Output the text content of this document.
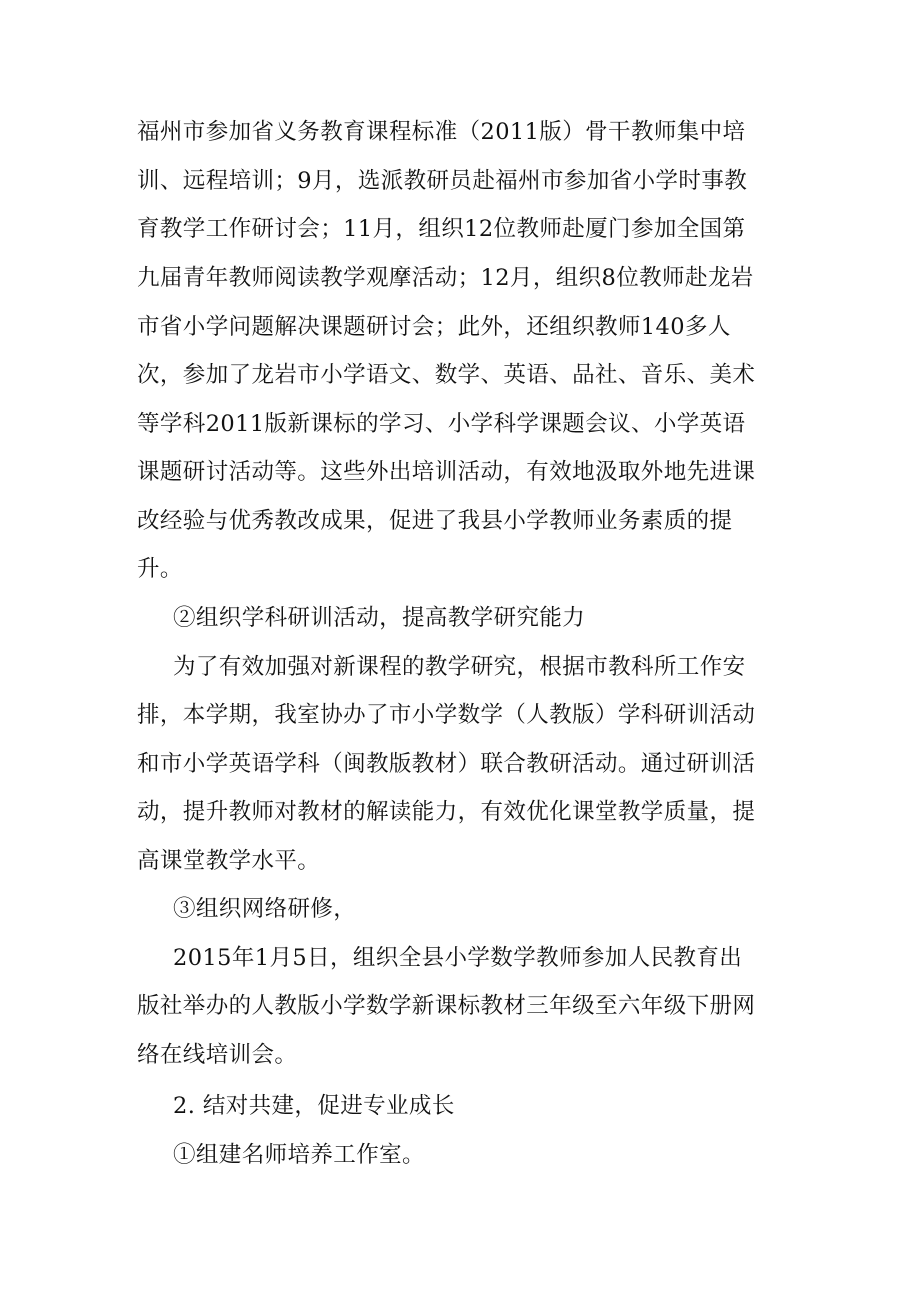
福州市参加省义务教育课程标准（2011版）骨干教师集中培
训、远程培训；9月，选派教研员赴福州市参加省小学时事教
育教学工作研讨会；11月，组织12位教师赴厦门参加全国第
九届青年教师阅读教学观摩活动；12月，组织8位教师赴龙岩
市省小学问题解决课题研讨会；此外，还组织教师140多人
次，参加了龙岩市小学语文、数学、英语、品社、音乐、美术
等学科2011版新课标的学习、小学科学课题会议、小学英语
课题研讨活动等。这些外出培训活动，有效地汲取外地先进课
改经验与优秀教改成果，促进了我县小学教师业务素质的提
升。
②组织学科研训活动，提高教学研究能力
为了有效加强对新课程的教学研究，根据市教科所工作安
排，本学期，我室协办了市小学数学（人教版）学科研训活动
和市小学英语学科（闽教版教材）联合教研活动。通过研训活
动，提升教师对教材的解读能力，有效优化课堂教学质量，提
高课堂教学水平。
③组织网络研修，
2015年1月5日，组织全县小学数学教师参加人民教育出
版社举办的人教版小学数学新课标教材三年级至六年级下册网
络在线培训会。
2. 结对共建，促进专业成长
①组建名师培养工作室。
